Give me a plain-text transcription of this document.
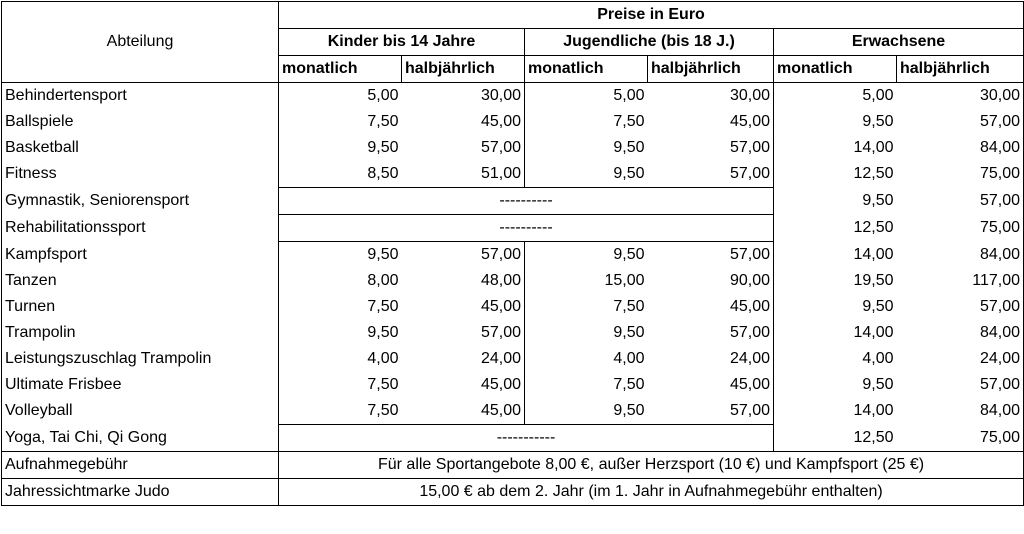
Abteilung	Preise in Euro					
	Kinder bis 14 Jahre		Jugendliche (bis 18 J.)		Erwachsene	
	monatlich	halbjährlich	monatlich	halbjährlich	monatlich	halbjährlich
Behindertensport	5,00	30,00	5,00	30,00	5,00	30,00
Ballspiele	7,50	45,00	7,50	45,00	9,50	57,00
Basketball	9,50	57,00	9,50	57,00	14,00	84,00
Fitness	8,50	51,00	9,50	57,00	12,50	75,00
Gymnastik, Seniorensport	----------				9,50	57,00
Rehabilitationssport	----------				12,50	75,00
Kampfsport	9,50	57,00	9,50	57,00	14,00	84,00
Tanzen	8,00	48,00	15,00	90,00	19,50	117,00
Turnen	7,50	45,00	7,50	45,00	9,50	57,00
Trampolin	9,50	57,00	9,50	57,00	14,00	84,00
Leistungszuschlag Trampolin	4,00	24,00	4,00	24,00	4,00	24,00
Ultimate Frisbee	7,50	45,00	7,50	45,00	9,50	57,00
Volleyball	7,50	45,00	9,50	57,00	14,00	84,00
Yoga, Tai Chi, Qi Gong	-----------				12,50	75,00
Aufnahmegebühr	Für alle Sportangebote 8,00 €, außer Herzsport (10 €) und Kampfsport (25 €)					
Jahressichtmarke Judo	15,00 € ab dem 2. Jahr (im 1. Jahr in Aufnahmegebühr enthalten)					
